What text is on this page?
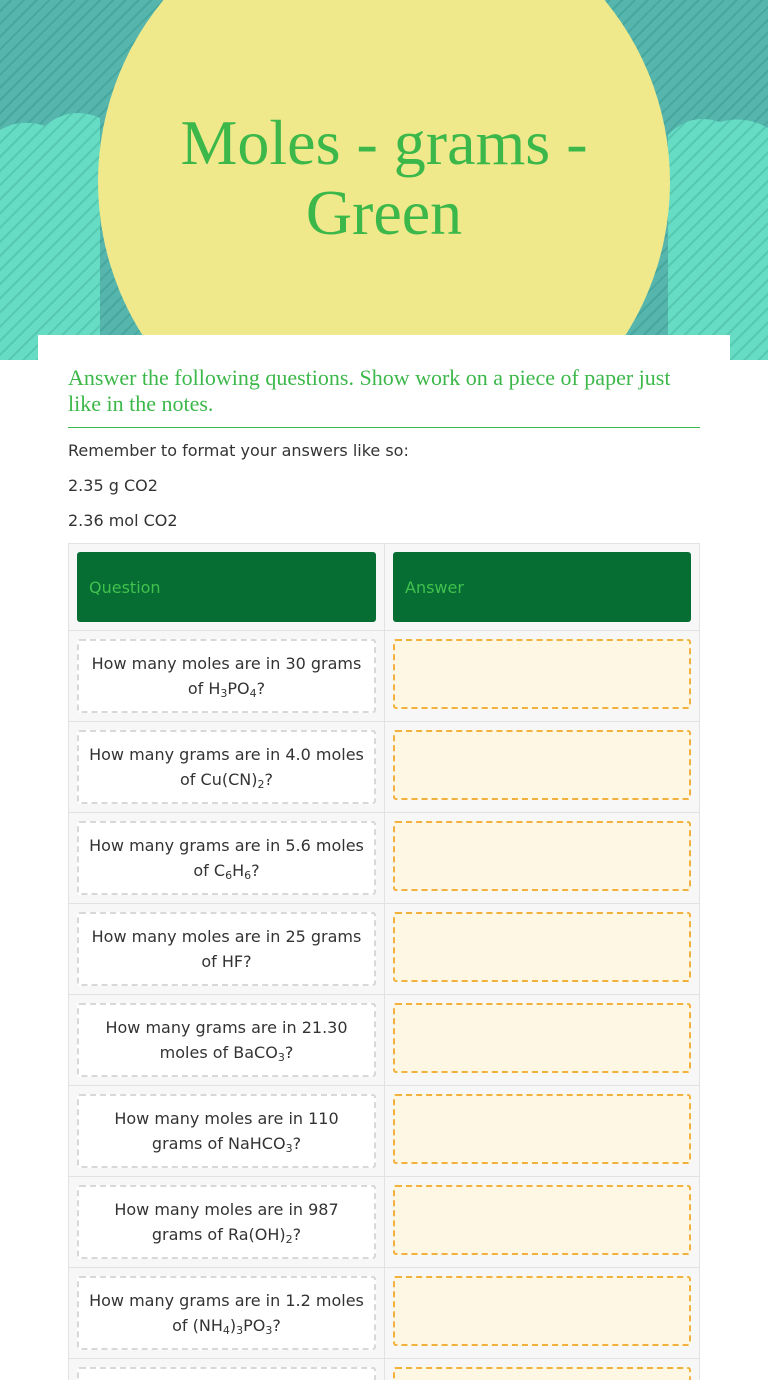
Moles - grams - Green
Answer the following questions. Show work on a piece of paper just like in the notes.
Remember to format your answers like so:
2.35 g CO2
2.36 mol CO2
Question	Answer
How many moles are in 30 grams of $H_3PO_4$?
How many grams are in 4.0 moles of $Cu(CN)_2$?
How many grams are in 5.6 moles of $C_6H_6$?
How many moles are in 25 grams of HF?
How many grams are in 21.30 moles of BaCO$_3$?
How many moles are in 110 grams of NaHCO$_3$?
How many moles are in 987 grams of $Ra(OH)_2$?
How many grams are in 1.2 moles of $(NH_4)_3PO_3$?
